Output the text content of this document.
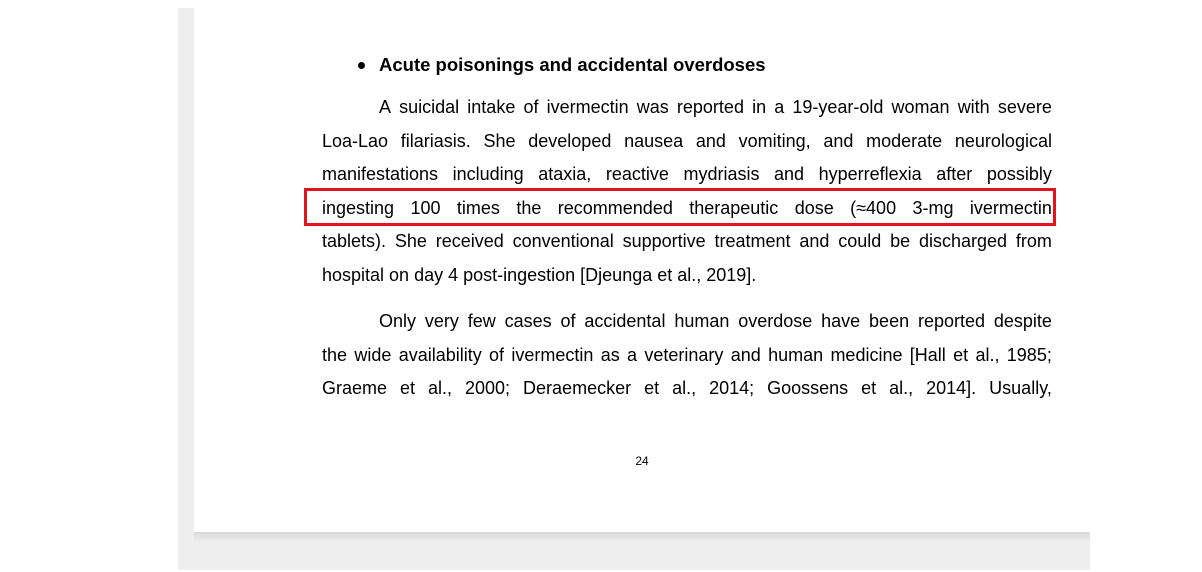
Acute poisonings and accidental overdoses
A suicidal intake of ivermectin was reported in a 19-year-old woman with severe
Loa-Lao filariasis. She developed nausea and vomiting, and moderate neurological
manifestations including ataxia, reactive mydriasis and hyperreflexia after possibly
ingesting 100 times the recommended therapeutic dose (≈400 3-mg ivermectin
tablets). She received conventional supportive treatment and could be discharged from
hospital on day 4 post-ingestion [Djeunga et al., 2019].
Only very few cases of accidental human overdose have been reported despite
the wide availability of ivermectin as a veterinary and human medicine [Hall et al., 1985;
Graeme et al., 2000; Deraemecker et al., 2014; Goossens et al., 2014]. Usually,
24
